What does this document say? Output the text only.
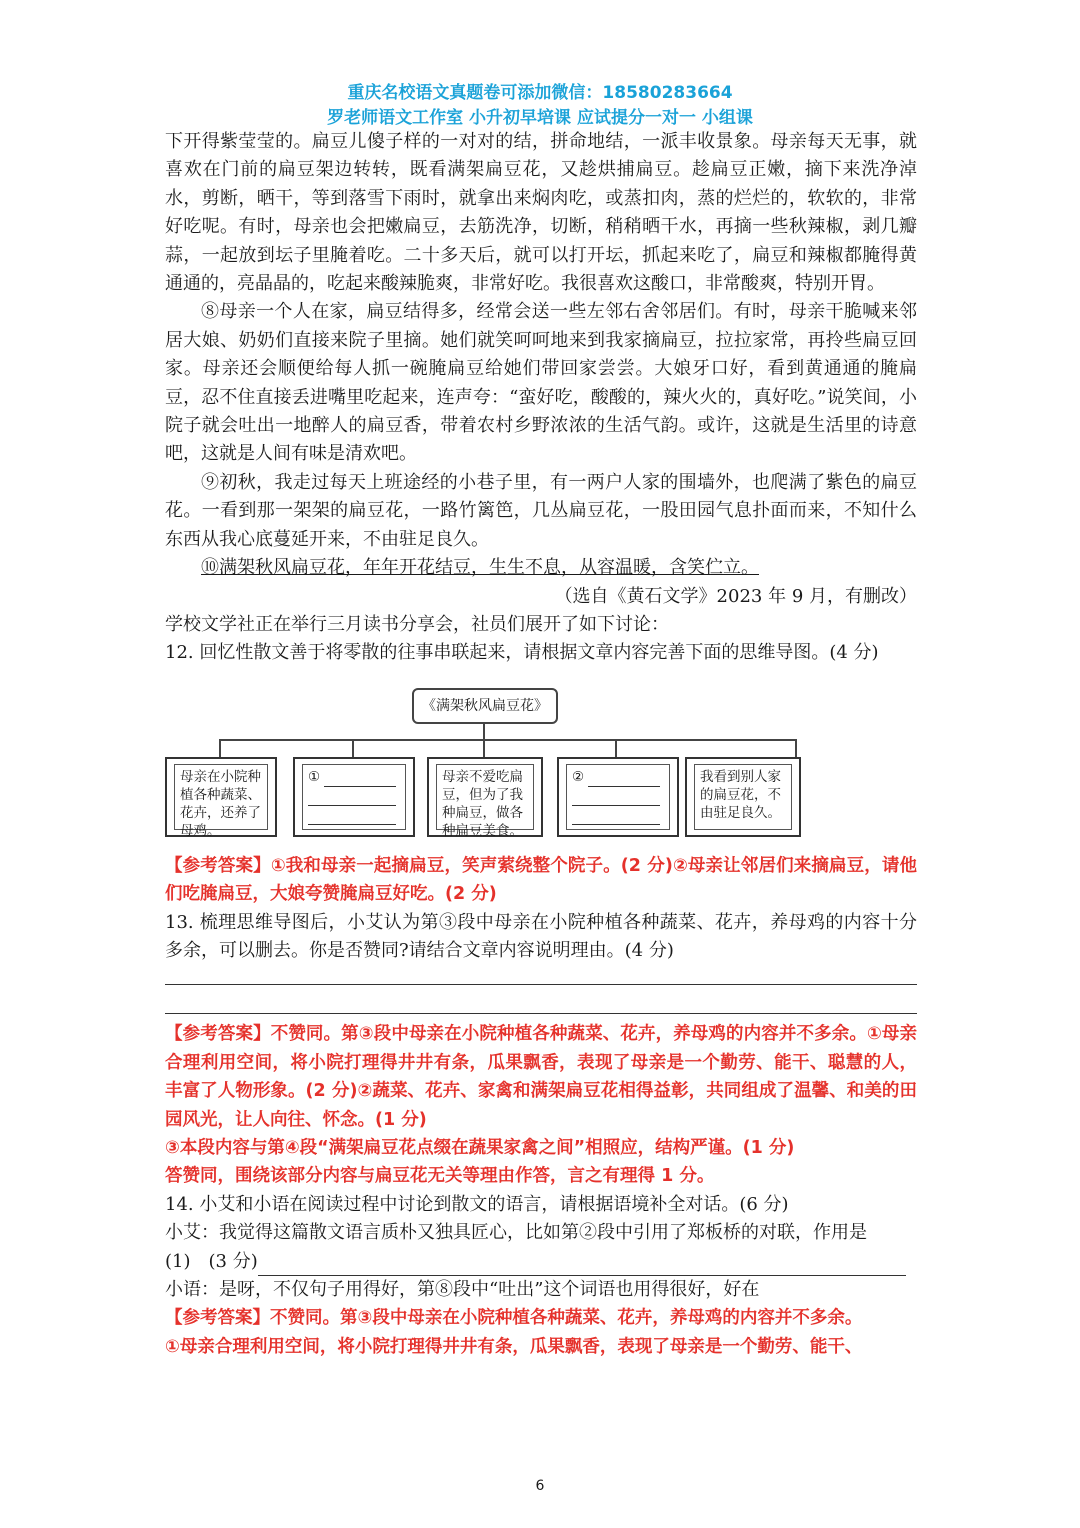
重庆名校语文真题卷可添加微信：18580283664
罗老师语文工作室 小升初早培课 应试提分一对一 小组课

下开得紫莹莹的。扁豆儿傻子样的一对对的结，拼命地结，一派丰收景象。母亲每天无事，就喜欢在门前的扁豆架边转转，既看满架扁豆花，又趁烘捕扁豆。趁扁豆正嫩，摘下来洗净淖水，剪断，晒干，等到落雪下雨时，就拿出来焖肉吃，或蒸扣肉，蒸的烂烂的，软软的，非常好吃呢。有时，母亲也会把嫩扁豆，去筋洗净，切断，稍稍晒干水，再摘一些秋辣椒，剥几瓣蒜，一起放到坛子里腌着吃。二十多天后，就可以打开坛，抓起来吃了，扁豆和辣椒都腌得黄通通的，亮晶晶的，吃起来酸辣脆爽，非常好吃。我很喜欢这酸口，非常酸爽，特别开胃。

⑧母亲一个人在家，扁豆结得多，经常会送一些左邻右舍邻居们。有时，母亲干脆喊来邻居大娘、奶奶们直接来院子里摘。她们就笑呵呵地来到我家摘扁豆，拉拉家常，再拎些扁豆回家。母亲还会顺便给每人抓一碗腌扁豆给她们带回家尝尝。大娘牙口好，看到黄通通的腌扁豆，忍不住直接丢进嘴里吃起来，连声夸：“蛮好吃，酸酸的，辣火火的，真好吃。”说笑间，小院子就会吐出一地醉人的扁豆香，带着农村乡野浓浓的生活气韵。或许，这就是生活里的诗意吧，这就是人间有味是清欢吧。

⑨初秋，我走过每天上班途经的小巷子里，有一两户人家的围墙外，也爬满了紫色的扁豆花。一看到那一架架的扁豆花，一路竹篱笆，几丛扁豆花，一股田园气息扑面而来，不知什么东西从我心底蔓延开来，不由驻足良久。

⑩满架秋风扁豆花，年年开花结豆，生生不息，从容温暖，含笑伫立。

（选自《黄石文学》2023 年 9 月，有删改）

学校文学社正在举行三月读书分享会，社员们展开了如下讨论：

12. 回忆性散文善于将零散的往事串联起来，请根据文章内容完善下面的思维导图。(4 分)

《满架秋风扁豆花》
母亲在小院种植各种蔬菜、花卉，还养了母鸡。
①	母亲不爱吃扁豆，但为了我种扁豆，做各种扁豆美食。
②	我看到别人家的扁豆花，不由驻足良久。

【参考答案】①我和母亲一起摘扁豆，笑声萦绕整个院子。(2 分)②母亲让邻居们来摘扁豆，请他们吃腌扁豆，大娘夸赞腌扁豆好吃。(2 分)

13. 梳理思维导图后，小艾认为第③段中母亲在小院种植各种蔬菜、花卉，养母鸡的内容十分多余，可以删去。你是否赞同?请结合文章内容说明理由。(4 分)

【参考答案】不赞同。第③段中母亲在小院种植各种蔬菜、花卉，养母鸡的内容并不多余。①母亲合理利用空间，将小院打理得井井有条，瓜果飘香，表现了母亲是一个勤劳、能干、聪慧的人，丰富了人物形象。(2 分)②蔬菜、花卉、家禽和满架扁豆花相得益彰，共同组成了温馨、和美的田园风光，让人向往、怀念。(1 分)

③本段内容与第④段“满架扁豆花点缀在蔬果家禽之间”相照应，结构严谨。(1 分)

答赞同，围绕该部分内容与扁豆花无关等理由作答，言之有理得 1 分。

14. 小艾和小语在阅读过程中讨论到散文的语言，请根据语境补全对话。(6 分)

小艾：我觉得这篇散文语言质朴又独具匠心，比如第②段中引用了郑板桥的对联，作用是

(1)　(3 分)

小语：是呀，不仅句子用得好，第⑧段中“吐出”这个词语也用得很好，好在

【参考答案】不赞同。第③段中母亲在小院种植各种蔬菜、花卉，养母鸡的内容并不多余。

①母亲合理利用空间，将小院打理得井井有条，瓜果飘香，表现了母亲是一个勤劳、能干、

6
